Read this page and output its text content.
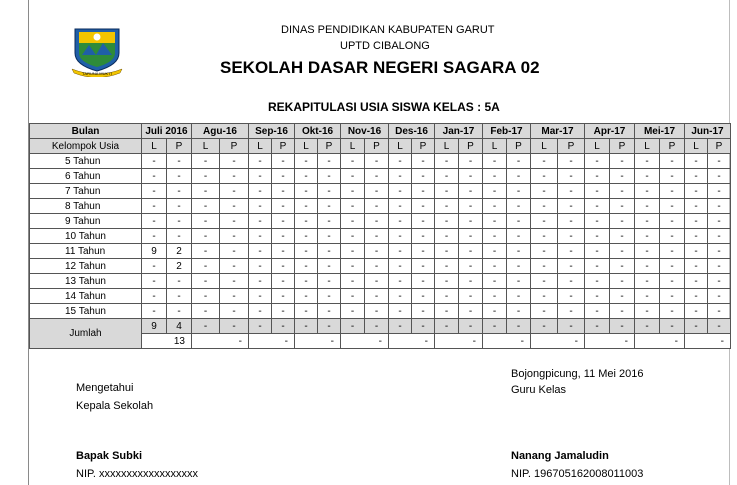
TARUNA MUKTI
DINAS PENDIDIKAN KABUPATEN GARUT
UPTD CIBALONG
SEKOLAH DASAR NEGERI SAGARA 02
REKAPITULASI USIA SISWA KELAS : 5A
Bulan	Juli 2016		Agu-16		Sep-16		Okt-16		Nov-16		Des-16		Jan-17		Feb-17		Mar-17		Apr-17		Mei-17		Jun-17	
Kelompok Usia	L	P	L	P	L	P	L	P	L	P	L	P	L	P	L	P	L	P	L	P	L	P	L	P
5 Tahun	-	-	-	-	-	-	-	-	-	-	-	-	-	-	-	-	-	-	-	-	-	-	-	-
6 Tahun	-	-	-	-	-	-	-	-	-	-	-	-	-	-	-	-	-	-	-	-	-	-	-	-
7 Tahun	-	-	-	-	-	-	-	-	-	-	-	-	-	-	-	-	-	-	-	-	-	-	-	-
8 Tahun	-	-	-	-	-	-	-	-	-	-	-	-	-	-	-	-	-	-	-	-	-	-	-	-
9 Tahun	-	-	-	-	-	-	-	-	-	-	-	-	-	-	-	-	-	-	-	-	-	-	-	-
10 Tahun	-	-	-	-	-	-	-	-	-	-	-	-	-	-	-	-	-	-	-	-	-	-	-	-
11 Tahun	9	2	-	-	-	-	-	-	-	-	-	-	-	-	-	-	-	-	-	-	-	-	-	-
12 Tahun	-	2	-	-	-	-	-	-	-	-	-	-	-	-	-	-	-	-	-	-	-	-	-	-
13 Tahun	-	-	-	-	-	-	-	-	-	-	-	-	-	-	-	-	-	-	-	-	-	-	-	-
14 Tahun	-	-	-	-	-	-	-	-	-	-	-	-	-	-	-	-	-	-	-	-	-	-	-	-
15 Tahun	-	-	-	-	-	-	-	-	-	-	-	-	-	-	-	-	-	-	-	-	-	-	-	-
Jumlah	9	4	-	-	-	-	-	-	-	-	-	-	-	-	-	-	-	-	-	-	-	-	-	-
	13		-		-		-		-		-		-		-		-		-		-		-	
Bojongpicung, 11 Mei 2016
Mengetahui	Guru Kelas
Kepala Sekolah
Bapak Subki	Nanang Jamaludin
NIP. xxxxxxxxxxxxxxxxxx	NIP. 196705162008011003
